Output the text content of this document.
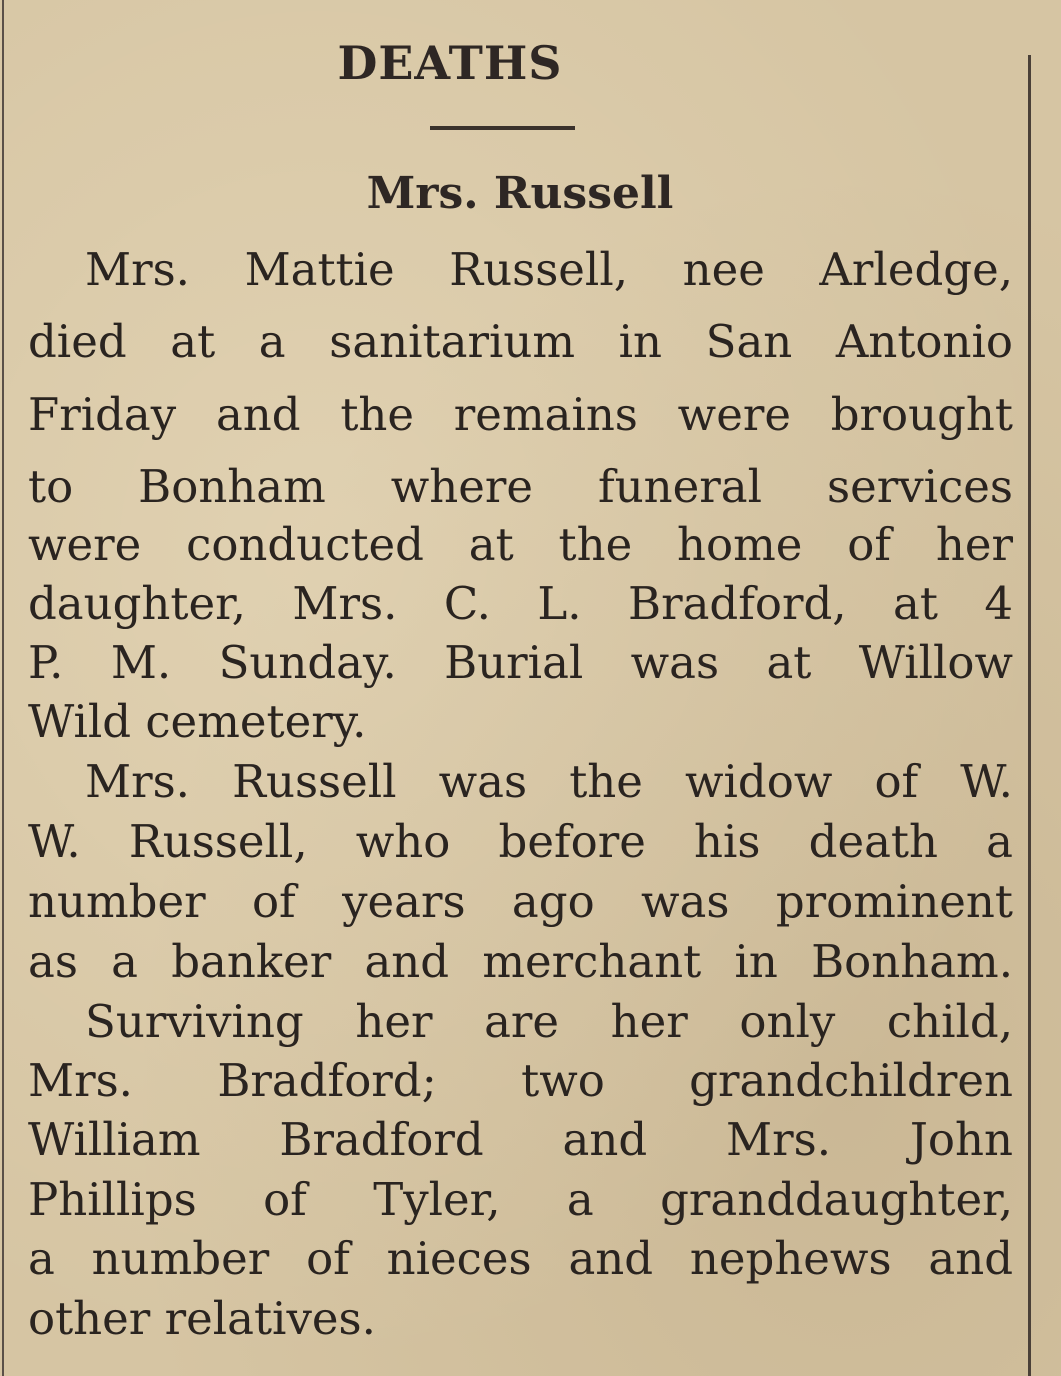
DEATHS
Mrs. Russell
Mrs. Mattie Russell, nee Arledge,
died at a sanitarium in San Antonio
Friday and the remains were brought
to Bonham where funeral services
were conducted at the home of her
daughter, Mrs. C. L. Bradford, at 4
P. M. Sunday. Burial was at Willow
Wild cemetery.
Mrs. Russell was the widow of W.
W. Russell, who before his death a
number of years ago was prominent
as a banker and merchant in Bonham.
Surviving her are her only child,
Mrs. Bradford; two grandchildren
William Bradford and Mrs. John
Phillips of Tyler, a granddaughter,
a number of nieces and nephews and
other relatives.
